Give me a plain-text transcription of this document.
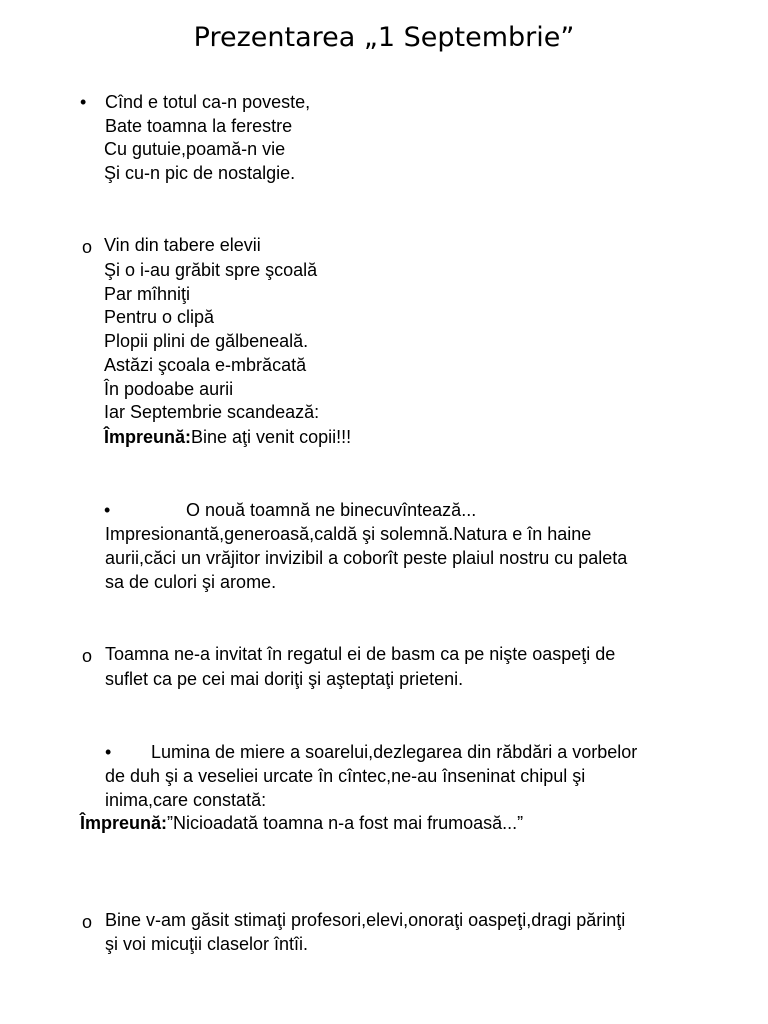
Prezentarea „1 Septembrie”
• Cînd e totul ca-n poveste,
Bate toamna la ferestre
Cu gutuie,poamă-n vie
Şi cu-n pic de nostalgie.
o Vin din tabere elevii
Şi o i-au grăbit spre şcoală
Par mîhniţi
Pentru o clipă
Plopii plini de gălbeneală.
Astăzi şcoala e-mbrăcată
În podoabe aurii
Iar Septembrie scandează:
Împreună:Bine aţi venit copii!!!
•	O nouă toamnă ne binecuvîntează...
Impresionantă,generoasă,caldă şi solemnă.Natura e în haine
aurii,căci un vrăjitor invizibil a coborît peste plaiul nostru cu paleta
sa de culori şi arome.
o Toamna ne-a invitat în regatul ei de basm ca pe nişte oaspeţi de
suflet ca pe cei mai doriţi şi aşteptaţi prieteni.
• Lumina de miere a soarelui,dezlegarea din răbdări a vorbelor
de duh şi a veseliei urcate în cîntec,ne-au înseninat chipul şi
inima,care constată:
Împreună:”Nicioadată toamna n-a fost mai frumoasă...”
o Bine v-am găsit stimaţi profesori,elevi,onoraţi oaspeţi,dragi părinţi
şi voi micuţii claselor întîi.
